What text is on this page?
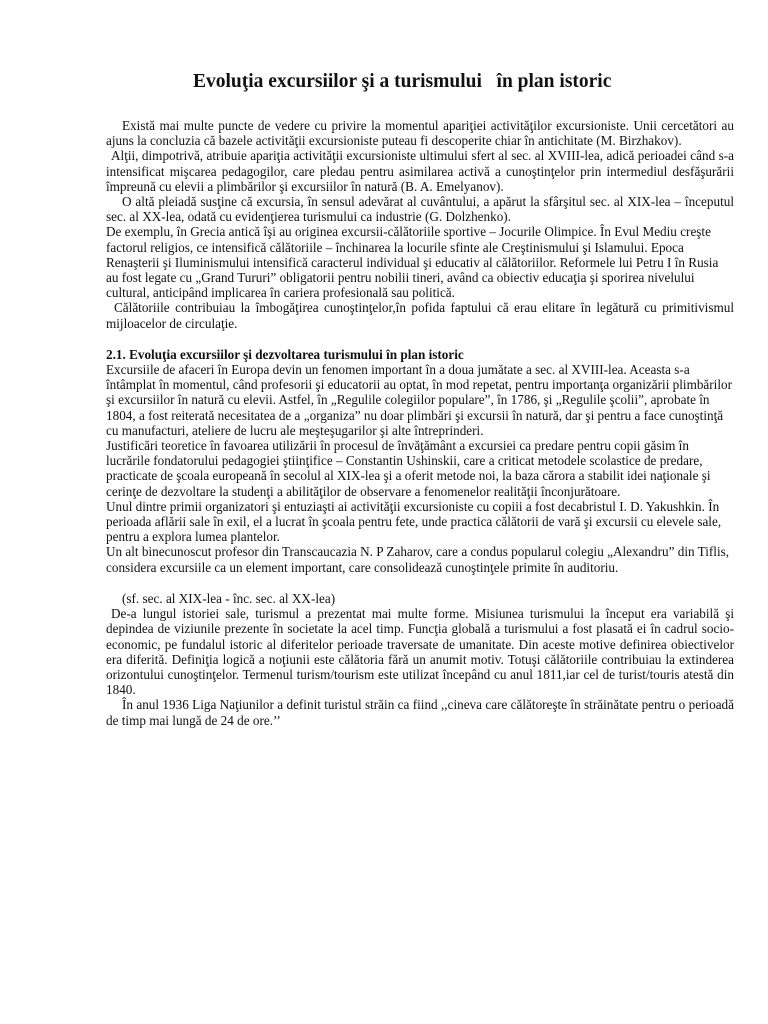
Evoluţia excursiilor şi a turismului   în plan istoric

Există mai multe puncte de vedere cu privire la momentul apariţiei activităţilor excursioniste. Unii cercetători au ajuns la concluzia că bazele activităţii excursioniste puteau fi descoperite chiar în antichitate (M. Birzhakov).

Alţii, dimpotrivă, atribuie apariţia activităţii excursioniste ultimului sfert al sec. al XVIII-lea, adică perioadei când s-a intensificat mişcarea pedagogilor, care pledau pentru asimilarea activă a cunoştinţelor prin intermediul desfăşurării împreună cu elevii a plimbărilor şi excursiilor în natură (B. A. Emelyanov).

O altă pleiadă susţine că excursia, în sensul adevărat al cuvântului, a apărut la sfârşitul sec. al XIX-lea – începutul sec. al XX-lea, odată cu evidenţierea turismului ca industrie (G. Dolzhenko).

De exemplu, în Grecia antică îşi au originea excursii-călătoriile sportive – Jocurile Olimpice. În Evul Mediu creşte factorul religios, ce intensifică călătoriile – închinarea la locurile sfinte ale Creştinismului şi Islamului. Epoca Renaşterii şi Iluminismului intensifică caracterul individual şi educativ al călătoriilor. Reformele lui Petru I în Rusia au fost legate cu „Grand Tururi” obligatorii pentru nobilii tineri, având ca obiectiv educaţia şi sporirea nivelului cultural, anticipând implicarea în cariera profesională sau politică.

Călătoriile contribuiau la îmbogăţirea cunoştinţelor,în pofida faptului că erau elitare în legătură cu primitivismul mijloacelor de circulaţie.

2.1. Evoluţia excursiilor şi dezvoltarea turismului în plan istoric

Excursiile de afaceri în Europa devin un fenomen important în a doua jumătate a sec. al XVIII-lea. Aceasta s-a întâmplat în momentul, când profesorii şi educatorii au optat, în mod repetat, pentru importanţa organizării plimbărilor şi excursiilor în natură cu elevii. Astfel, în „Regulile colegiilor populare”, în 1786, şi „Regulile şcolii”, aprobate în 1804, a fost reiterată necesitatea de a „organiza” nu doar plimbări şi excursii în natură, dar şi pentru a face cunoştinţă cu manufacturi, ateliere de lucru ale meşteşugarilor şi alte întreprinderi.

Justificări teoretice în favoarea utilizării în procesul de învăţământ a excursiei ca predare pentru copii găsim în lucrările fondatorului pedagogiei ştiinţifice – Constantin Ushinskii, care a criticat metodele scolastice de predare, practicate de şcoala europeană în secolul al XIX-lea şi a oferit metode noi, la baza cărora a stabilit idei naţionale şi cerinţe de dezvoltare la studenţi a abilităţilor de observare a fenomenelor realităţii înconjurătoare.

Unul dintre primii organizatori şi entuziaşti ai activităţii excursioniste cu copiii a fost decabristul I. D. Yakushkin. În perioada aflării sale în exil, el a lucrat în şcoala pentru fete, unde practica călătorii de vară şi excursii cu elevele sale, pentru a explora lumea plantelor.

Un alt binecunoscut profesor din Transcaucazia N. P Zaharov, care a condus popularul colegiu „Alexandru” din Tiflis, considera excursiile ca un element important, care consolidează cunoştinţele primite în auditoriu.

(sf. sec. al XIX-lea - înc. sec. al XX-lea)

De-a lungul istoriei sale, turismul a prezentat mai multe forme. Misiunea turismului la început era variabilă şi depindea de viziunile prezente în societate la acel timp. Funcţia globală a turismului a fost plasată ei în cadrul socio-economic, pe fundalul istoric al diferitelor perioade traversate de umanitate. Din aceste motive definirea obiectivelor era diferită. Definiţia logică a noţiunii este călătoria fără un anumit motiv. Totuşi călătoriile contribuiau la extinderea orizontului cunoştinţelor. Termenul turism/tourism este utilizat începând cu anul 1811,iar cel de turist/touris atestă din 1840.

În anul 1936 Liga Naţiunilor a definit turistul străin ca fiind ,,cineva care călătoreşte în străinătate pentru o perioadă de timp mai lungă de 24 de ore.’’
